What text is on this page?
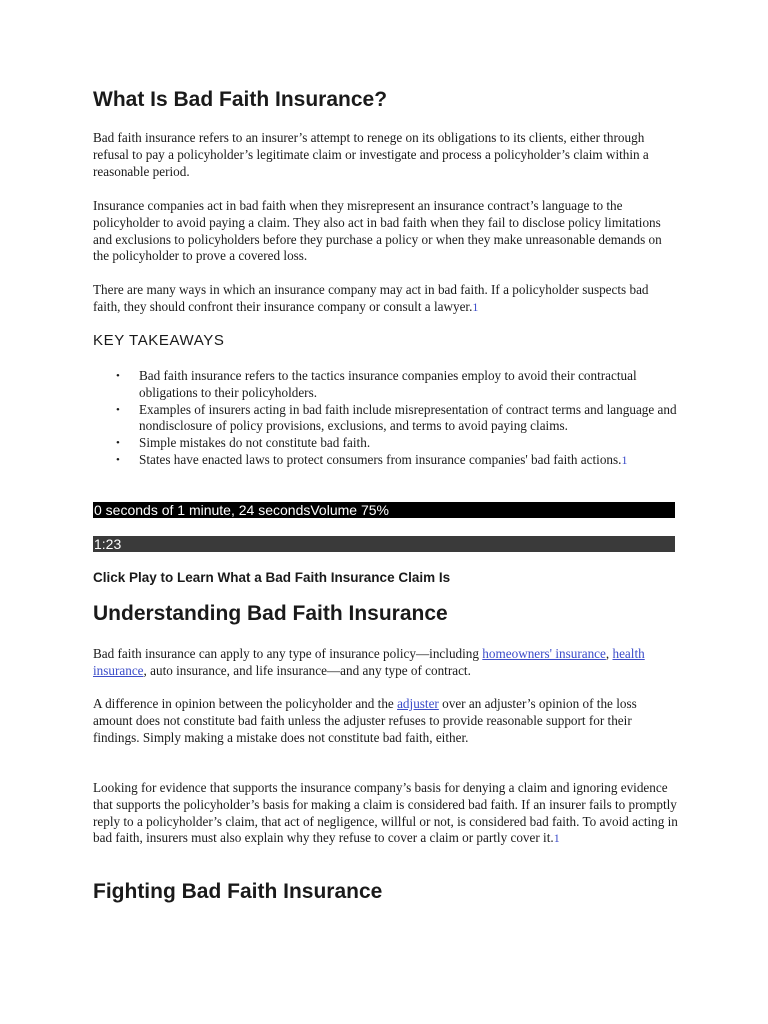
What Is Bad Faith Insurance?

Bad faith insurance refers to an insurer’s attempt to renege on its obligations to its clients, either through refusal to pay a policyholder’s legitimate claim or investigate and process a policyholder’s claim within a reasonable period.

Insurance companies act in bad faith when they misrepresent an insurance contract’s language to the policyholder to avoid paying a claim. They also act in bad faith when they fail to disclose policy limitations and exclusions to policyholders before they purchase a policy or when they make unreasonable demands on the policyholder to prove a covered loss.

There are many ways in which an insurance company may act in bad faith. If a policyholder suspects bad faith, they should confront their insurance company or consult a lawyer.1

KEY TAKEAWAYS
• Bad faith insurance refers to the tactics insurance companies employ to avoid their contractual obligations to their policyholders.
• Examples of insurers acting in bad faith include misrepresentation of contract terms and language and nondisclosure of policy provisions, exclusions, and terms to avoid paying claims.
• Simple mistakes do not constitute bad faith.
• States have enacted laws to protect consumers from insurance companies' bad faith actions.1
0 seconds of 1 minute, 24 secondsVolume 75%
1:23
Click Play to Learn What a Bad Faith Insurance Claim Is
Understanding Bad Faith Insurance

Bad faith insurance can apply to any type of insurance policy—including homeowners' insurance, health insurance, auto insurance, and life insurance—and any type of contract.

A difference in opinion between the policyholder and the adjuster over an adjuster’s opinion of the loss amount does not constitute bad faith unless the adjuster refuses to provide reasonable support for their findings. Simply making a mistake does not constitute bad faith, either.

Looking for evidence that supports the insurance company’s basis for denying a claim and ignoring evidence that supports the policyholder’s basis for making a claim is considered bad faith. If an insurer fails to promptly reply to a policyholder’s claim, that act of negligence, willful or not, is considered bad faith. To avoid acting in bad faith, insurers must also explain why they refuse to cover a claim or partly cover it.1

Fighting Bad Faith Insurance
